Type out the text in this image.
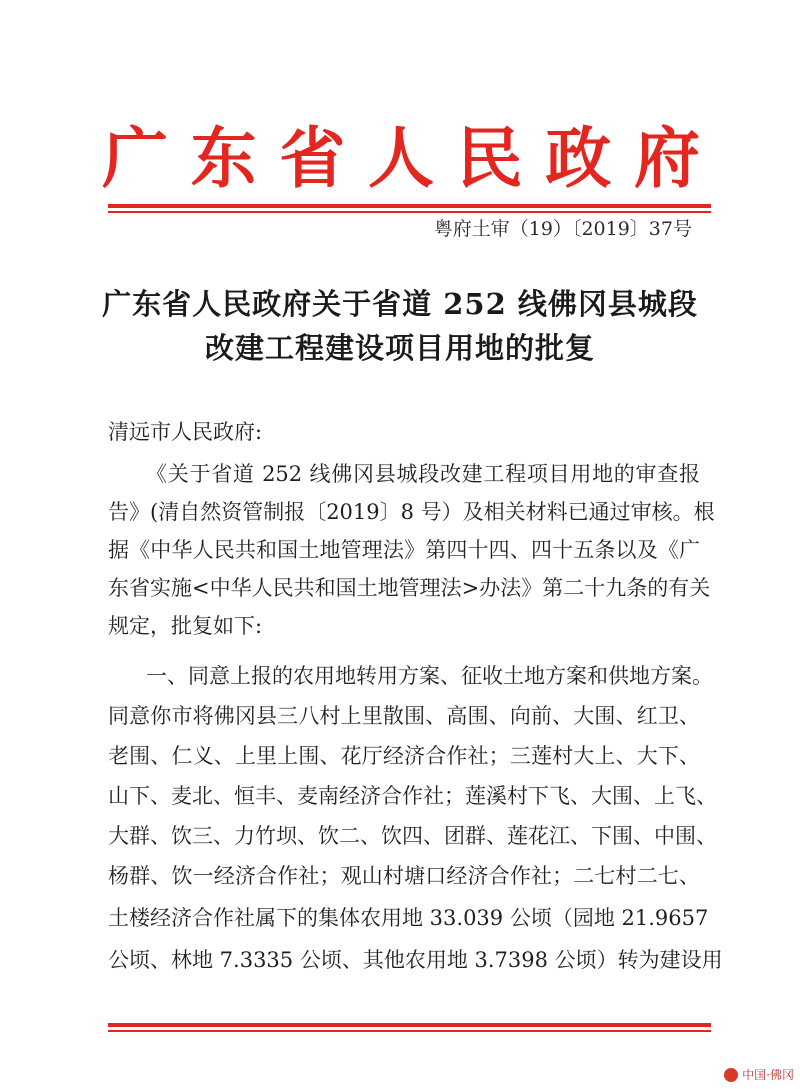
广 东 省 人 民 政 府
粤府土审（19）〔2019〕37号
广东省人民政府关于省道 252 线佛冈县城段
改建工程建设项目用地的批复
清远市人民政府:
《关于省道 252 线佛冈县城段改建工程项目用地的审查报
告》(清自然资管制报〔2019〕8 号）及相关材料已通过审核。根
据《中华人民共和国土地管理法》第四十四、四十五条以及《广
东省实施<中华人民共和国土地管理法>办法》第二十九条的有关
规定，批复如下:
一、同意上报的农用地转用方案、征收土地方案和供地方案。
同意你市将佛冈县三八村上里散围、高围、向前、大围、红卫、
老围、仁义、上里上围、花厅经济合作社；三莲村大上、大下、
山下、麦北、恒丰、麦南经济合作社；莲溪村下飞、大围、上飞、
大群、饮三、力竹坝、饮二、饮四、团群、莲花江、下围、中围、
杨群、饮一经济合作社；观山村塘口经济合作社；二七村二七、
土楼经济合作社属下的集体农用地 33.039 公顷（园地 21.9657
公顷、林地 7.3335 公顷、其他农用地 3.7398 公顷）转为建设用
中国·佛冈
